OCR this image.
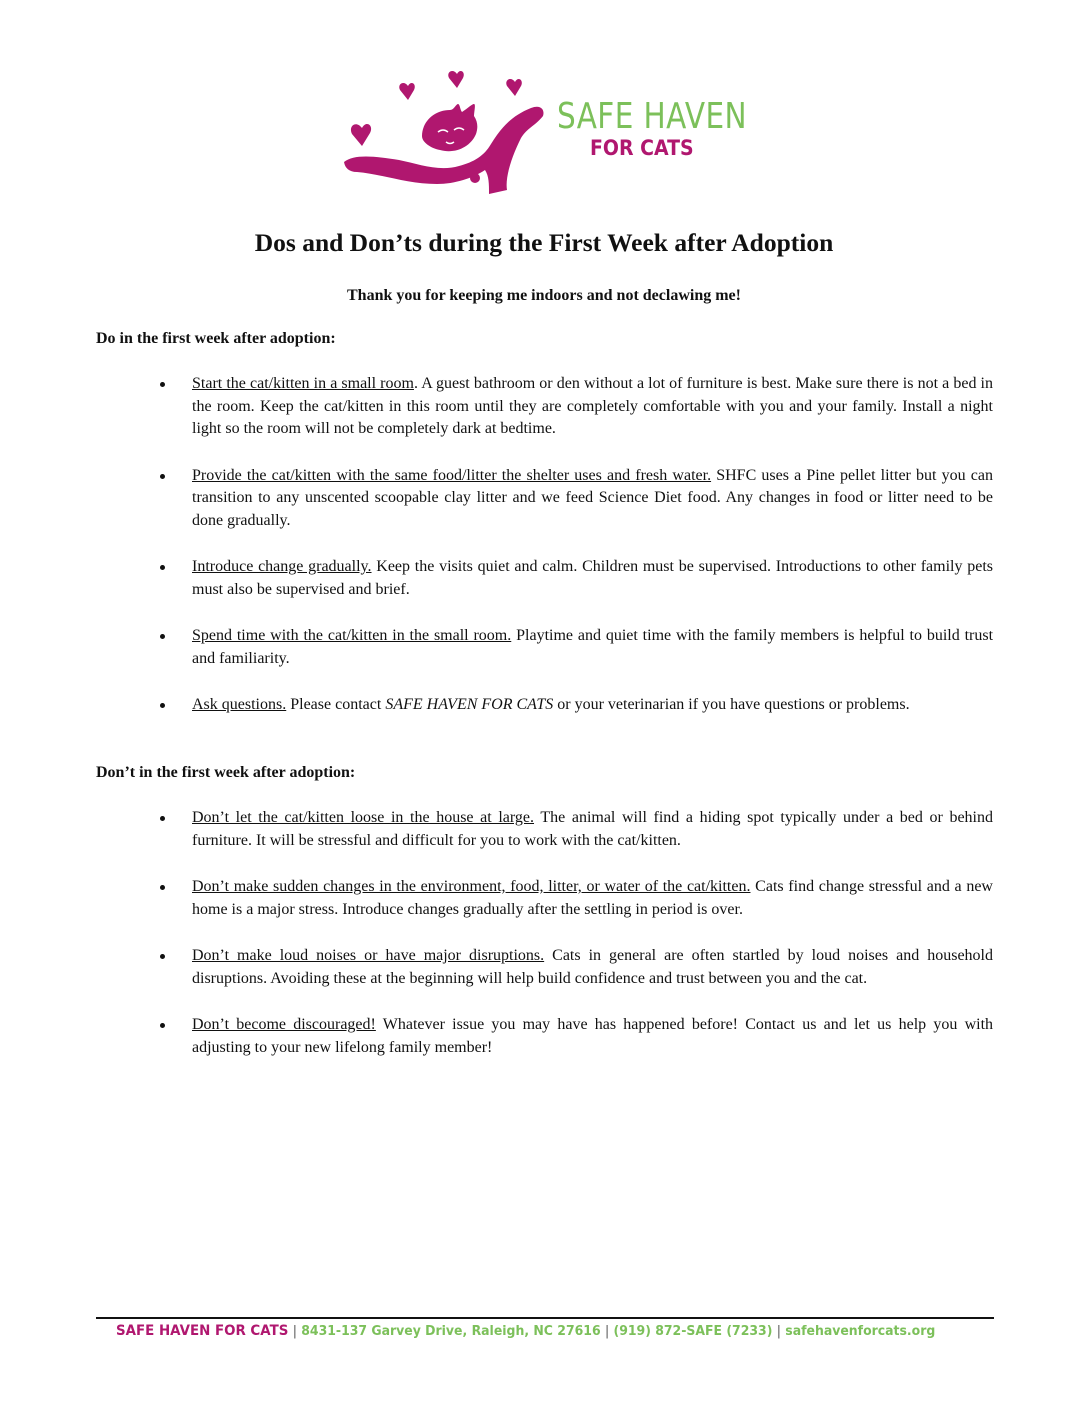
SAFE HAVEN
FOR CATS
Dos and Don’ts during the First Week after Adoption
Thank you for keeping me indoors and not declawing me!
Do in the first week after adoption:
Start the cat/kitten in a small room. A guest bathroom or den without a lot of furniture is best. Make sure there is not a bed in the room. Keep the cat/kitten in this room until they are completely comfortable with you and your family. Install a night light so the room will not be completely dark at bedtime.
Provide the cat/kitten with the same food/litter the shelter uses and fresh water. SHFC uses a Pine pellet litter but you can transition to any unscented scoopable clay litter and we feed Science Diet food. Any changes in food or litter need to be done gradually.
Introduce change gradually. Keep the visits quiet and calm. Children must be supervised. Introductions to other family pets must also be supervised and brief.
Spend time with the cat/kitten in the small room. Playtime and quiet time with the family members is helpful to build trust and familiarity.
Ask questions. Please contact SAFE HAVEN FOR CATS or your veterinarian if you have questions or problems.
Don’t in the first week after adoption:
Don’t let the cat/kitten loose in the house at large. The animal will find a hiding spot typically under a bed or behind furniture. It will be stressful and difficult for you to work with the cat/kitten.
Don’t make sudden changes in the environment, food, litter, or water of the cat/kitten. Cats find change stressful and a new home is a major stress. Introduce changes gradually after the settling in period is over.
Don’t make loud noises or have major disruptions. Cats in general are often startled by loud noises and household disruptions. Avoiding these at the beginning will help build confidence and trust between you and the cat.
Don’t become discouraged! Whatever issue you may have has happened before! Contact us and let us help you with adjusting to your new lifelong family member!
SAFE HAVEN FOR CATS | 8431-137 Garvey Drive, Raleigh, NC 27616 | (919) 872-SAFE (7233) | safehavenforcats.org
